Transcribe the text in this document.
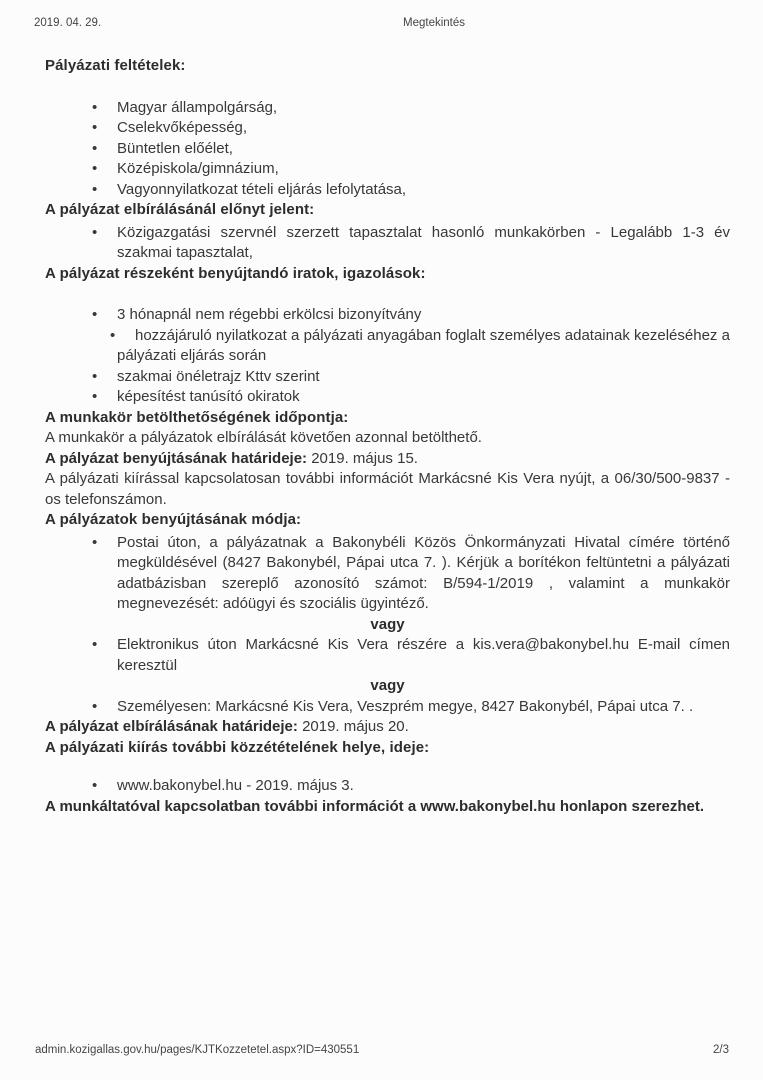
2019. 04. 29.	Megtekintés
Pályázati feltételek:
• Magyar állampolgárság,
• Cselekvőképesség,
• Büntetlen előélet,
• Középiskola/gimnázium,
• Vagyonnyilatkozat tételi eljárás lefolytatása,
A pályázat elbírálásánál előnyt jelent:
• Közigazgatási szervnél szerzett tapasztalat hasonló munkakörben - Legalább 1-3 év szakmai tapasztalat,
A pályázat részeként benyújtandó iratok, igazolások:
• 3 hónapnál nem régebbi erkölcsi bizonyítvány
• hozzájáruló nyilatkozat a pályázati anyagában foglalt személyes adatainak kezeléséhez a pályázati eljárás során
• szakmai önéletrajz Kttv szerint
• képesítést tanúsító okiratok
A munkakör betölthetőségének időpontja:

A munkakör a pályázatok elbírálását követően azonnal betölthető.

A pályázat benyújtásának határideje: 2019. május 15.

A pályázati kiírással kapcsolatosan további információt Markácsné Kis Vera nyújt, a 06/30/500-9837 -os telefonszámon.

A pályázatok benyújtásának módja:
• Postai úton, a pályázatnak a Bakonybéli Közös Önkormányzati Hivatal címére történő megküldésével (8427 Bakonybél, Pápai utca 7. ). Kérjük a borítékon feltüntetni a pályázati adatbázisban szereplő azonosító számot: B/594-1/2019 , valamint a munkakör megnevezését: adóügyi és szociális ügyintéző.
vagy
• Elektronikus úton Markácsné Kis Vera részére a kis.vera@bakonybel.hu E-mail címen keresztül
vagy
• Személyesen: Markácsné Kis Vera, Veszprém megye, 8427 Bakonybél, Pápai utca 7. .

A pályázat elbírálásának határideje: 2019. május 20.

A pályázati kiírás további közzétételének helye, ideje:
• www.bakonybel.hu - 2019. május 3.

A munkáltatóval kapcsolatban további információt a www.bakonybel.hu honlapon szerezhet.

admin.kozigallas.gov.hu/pages/KJTKozzetetel.aspx?ID=430551	2/3
